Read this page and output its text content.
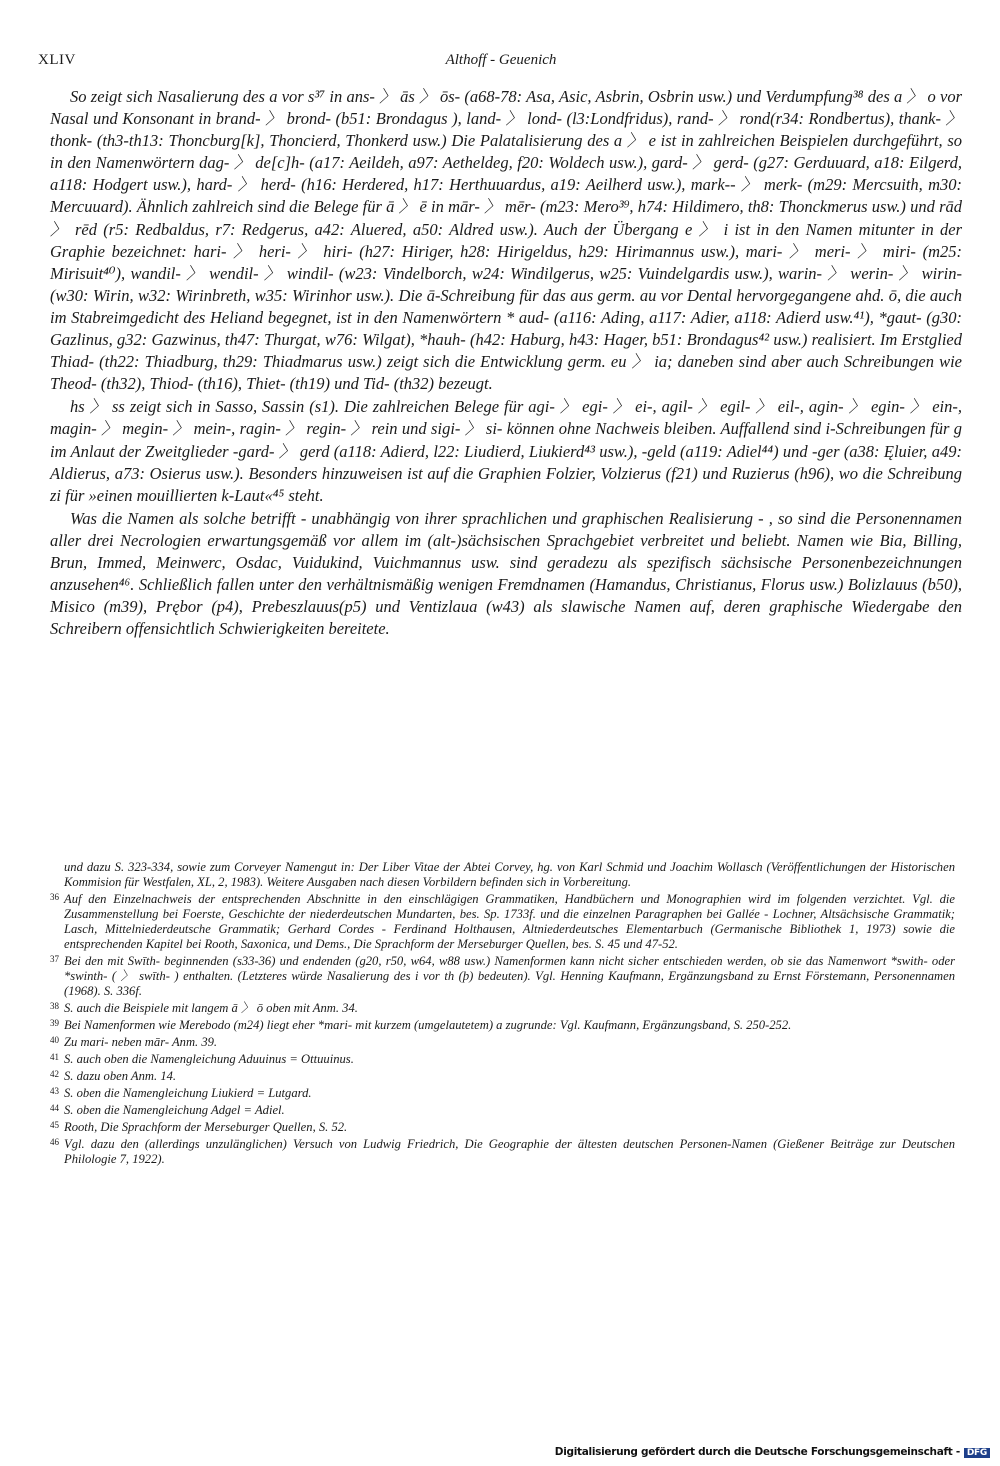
XLIV	Althoff - Geuenich

So zeigt sich Nasalierung des a vor s³⁷ in ans- 〉 ās 〉 ōs- (a68-78: Asa, Asic, Asbrin, Osbrin usw.) und Verdumpfung³⁸ des a 〉 o vor Nasal und Konsonant in brand- 〉 brond- (b51: Brondagus ), land- 〉 lond- (l3:Londfridus), rand- 〉 rond(r34: Rondbertus), thank- 〉 thonk- (th3-th13: Thoncburg[k], Thoncierd, Thonkerd usw.) Die Palatalisierung des a 〉 e ist in zahlreichen Beispielen durchgeführt, so in den Namenwörtern dag- 〉 de[c]h- (a17: Aeildeh, a97: Aetheldeg, f20: Woldech usw.), gard- 〉 gerd- (g27: Gerduuard, a18: Eilgerd, a118: Hodgert usw.), hard- 〉 herd- (h16: Herdered, h17: Herthuuardus, a19: Aeilherd usw.), mark-- 〉 merk- (m29: Mercsuith, m30: Mercuuard). Ähnlich zahlreich sind die Belege für ā 〉 ē in mār- 〉 mēr- (m23: Mero³⁹, h74: Hildimero, th8: Thonckmerus usw.) und rād 〉 rēd (r5: Redbaldus, r7: Redgerus, a42: Aluered, a50: Aldred usw.). Auch der Übergang e 〉 i ist in den Namen mitunter in der Graphie bezeichnet: hari- 〉 heri- 〉 hiri- (h27: Hiriger, h28: Hirigeldus, h29: Hirimannus usw.), mari- 〉 meri- 〉 miri- (m25: Mirisuit⁴⁰), wandil- 〉 wendil- 〉 windil- (w23: Vindelborch, w24: Windilgerus, w25: Vuindelgardis usw.), warin- 〉 werin- 〉 wirin- (w30: Wirin, w32: Wirinbreth, w35: Wirinhor usw.). Die ā-Schreibung für das aus germ. au vor Dental hervorgegangene ahd. ō, die auch im Stabreimgedicht des Heliand begegnet, ist in den Namenwörtern * aud- (a116: Ading, a117: Adier, a118: Adierd usw.⁴¹), *gaut- (g30: Gazlinus, g32: Gazwinus, th47: Thurgat, w76: Wilgat), *hauh- (h42: Haburg, h43: Hager, b51: Brondagus⁴² usw.) realisiert. Im Erstglied Thiad- (th22: Thiadburg, th29: Thiadmarus usw.) zeigt sich die Entwicklung germ. eu 〉 ia; daneben sind aber auch Schreibungen wie Theod- (th32), Thiod- (th16), Thiet- (th19) und Tid- (th32) bezeugt.

hs 〉 ss zeigt sich in Sasso, Sassin (s1). Die zahlreichen Belege für agi- 〉 egi- 〉 ei-, agil- 〉 egil- 〉 eil-, agin- 〉 egin- 〉 ein-, magin- 〉 megin- 〉 mein-, ragin- 〉 regin- 〉 rein und sigi- 〉 si- können ohne Nachweis bleiben. Auffallend sind i-Schreibungen für g im Anlaut der Zweitglieder -gard- 〉 gerd (a118: Adierd, l22: Liudierd, Liukierd⁴³ usw.), -geld (a119: Adiel⁴⁴) und -ger (a38: Ęluier, a49: Aldierus, a73: Osierus usw.). Besonders hinzuweisen ist auf die Graphien Folzier, Volzierus (f21) und Ruzierus (h96), wo die Schreibung zi für »einen mouillierten k-Laut«⁴⁵ steht.

Was die Namen als solche betrifft - unabhängig von ihrer sprachlichen und graphischen Realisierung - , so sind die Personennamen aller drei Necrologien erwartungsgemäß vor allem im (alt-)sächsischen Sprachgebiet verbreitet und beliebt. Namen wie Bia, Billing, Brun, Immed, Meinwerc, Osdac, Vuidukind, Vuichmannus usw. sind geradezu als spezifisch sächsische Personenbezeichnungen anzusehen⁴⁶. Schließlich fallen unter den verhältnismäßig wenigen Fremdnamen (Hamandus, Christianus, Florus usw.) Bolizlauus (b50), Misico (m39), Prębor (p4), Prebeszlauus(p5) und Ventizlaua (w43) als slawische Namen auf, deren graphische Wiedergabe den Schreibern offensichtlich Schwierigkeiten bereitete.

und dazu S. 323-334, sowie zum Corveyer Namengut in: Der Liber Vitae der Abtei Corvey, hg. von Karl Schmid und Joachim Wollasch (Veröffentlichungen der Historischen Kommision für Westfalen, XL, 2, 1983). Weitere Ausgaben nach diesen Vorbildern befinden sich in Vorbereitung.

36 Auf den Einzelnachweis der entsprechenden Abschnitte in den einschlägigen Grammatiken, Handbüchern und Monographien wird im folgenden verzichtet. Vgl. die Zusammenstellung bei Foerste, Geschichte der niederdeutschen Mundarten, bes. Sp. 1733f. und die einzelnen Paragraphen bei Gallée - Lochner, Altsächsische Grammatik; Lasch, Mittelniederdeutsche Grammatik; Gerhard Cordes - Ferdinand Holthausen, Altniederdeutsches Elementarbuch (Germanische Bibliothek 1, 1973) sowie die entsprechenden Kapitel bei Rooth, Saxonica, und Dems., Die Sprachform der Merseburger Quellen, bes. S. 45 und 47-52.

37 Bei den mit Swīth- beginnenden (s33-36) und endenden (g20, r50, w64, w88 usw.) Namenformen kann nicht sicher entschieden werden, ob sie das Namenwort *swith- oder *swinth- ( 〉 swīth- ) enthalten. (Letzteres würde Nasalierung des i vor th (þ) bedeuten). Vgl. Henning Kaufmann, Ergänzungsband zu Ernst Förstemann, Personennamen (1968). S. 336f.

38 S. auch die Beispiele mit langem ā 〉 ō oben mit Anm. 34.

39 Bei Namenformen wie Merebodo (m24) liegt eher *mari- mit kurzem (umgelautetem) a zugrunde: Vgl. Kaufmann, Ergänzungsband, S. 250-252.

40 Zu mari- neben mār- Anm. 39.

41 S. auch oben die Namengleichung Aduuinus = Ottuuinus.

42 S. dazu oben Anm. 14.

43 S. oben die Namengleichung Liukierd = Lutgard.

44 S. oben die Namengleichung Adgel = Adiel.

45 Rooth, Die Sprachform der Merseburger Quellen, S. 52.

46 Vgl. dazu den (allerdings unzulänglichen) Versuch von Ludwig Friedrich, Die Geographie der ältesten deutschen Personen-Namen (Gießener Beiträge zur Deutschen Philologie 7, 1922).

Digitalisierung gefördert durch die Deutsche Forschungsgemeinschaft - DFG
